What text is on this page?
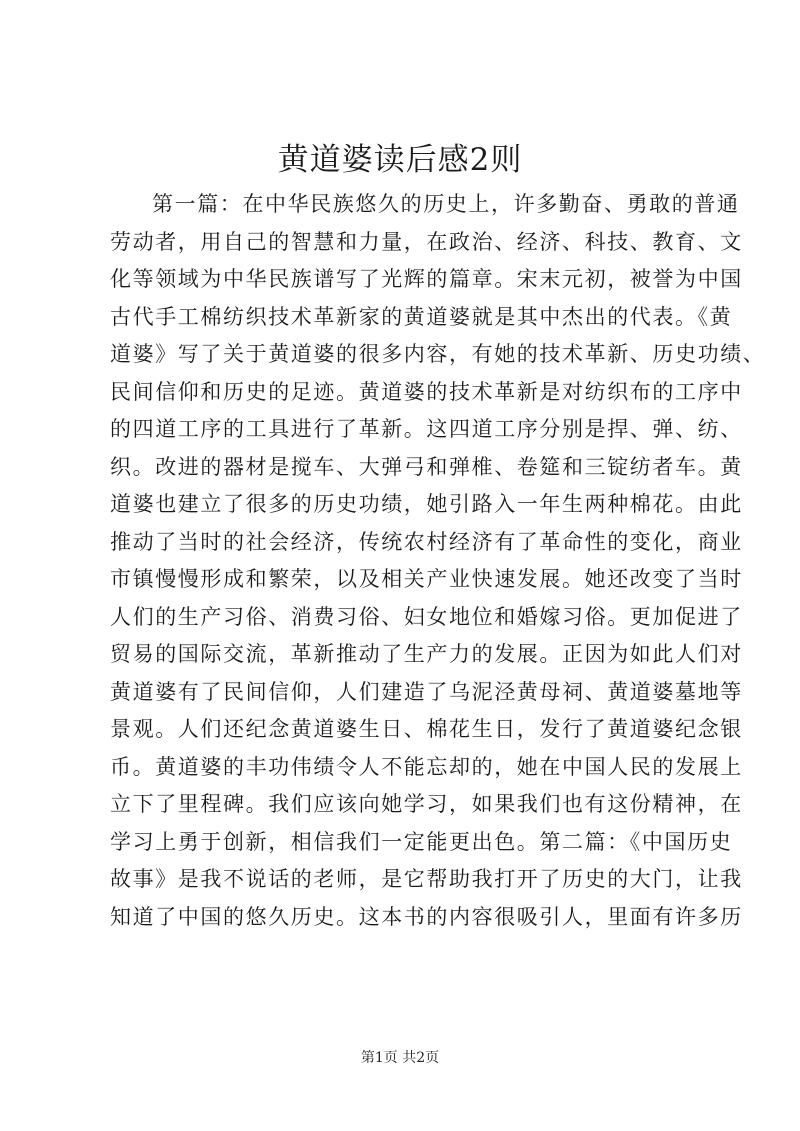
黄道婆读后感2则
第一篇：在中华民族悠久的历史上，许多勤奋、勇敢的普通
劳动者，用自己的智慧和力量，在政治、经济、科技、教育、文
化等领域为中华民族谱写了光辉的篇章。宋末元初，被誉为中国
古代手工棉纺织技术革新家的黄道婆就是其中杰出的代表。《黄
道婆》写了关于黄道婆的很多内容，有她的技术革新、历史功绩、
民间信仰和历史的足迹。黄道婆的技术革新是对纺织布的工序中
的四道工序的工具进行了革新。这四道工序分别是捍、弹、纺、
织。改进的器材是搅车、大弹弓和弹椎、卷筵和三锭纺者车。黄
道婆也建立了很多的历史功绩，她引路入一年生两种棉花。由此
推动了当时的社会经济，传统农村经济有了革命性的变化，商业
市镇慢慢形成和繁荣，以及相关产业快速发展。她还改变了当时
人们的生产习俗、消费习俗、妇女地位和婚嫁习俗。更加促进了
贸易的国际交流，革新推动了生产力的发展。正因为如此人们对
黄道婆有了民间信仰，人们建造了乌泥泾黄母祠、黄道婆墓地等
景观。人们还纪念黄道婆生日、棉花生日，发行了黄道婆纪念银
币。黄道婆的丰功伟绩令人不能忘却的，她在中国人民的发展上
立下了里程碑。我们应该向她学习，如果我们也有这份精神，在
学习上勇于创新，相信我们一定能更出色。第二篇：《中国历史
故事》是我不说话的老师，是它帮助我打开了历史的大门，让我
知道了中国的悠久历史。这本书的内容很吸引人，里面有许多历
第1页 共2页
